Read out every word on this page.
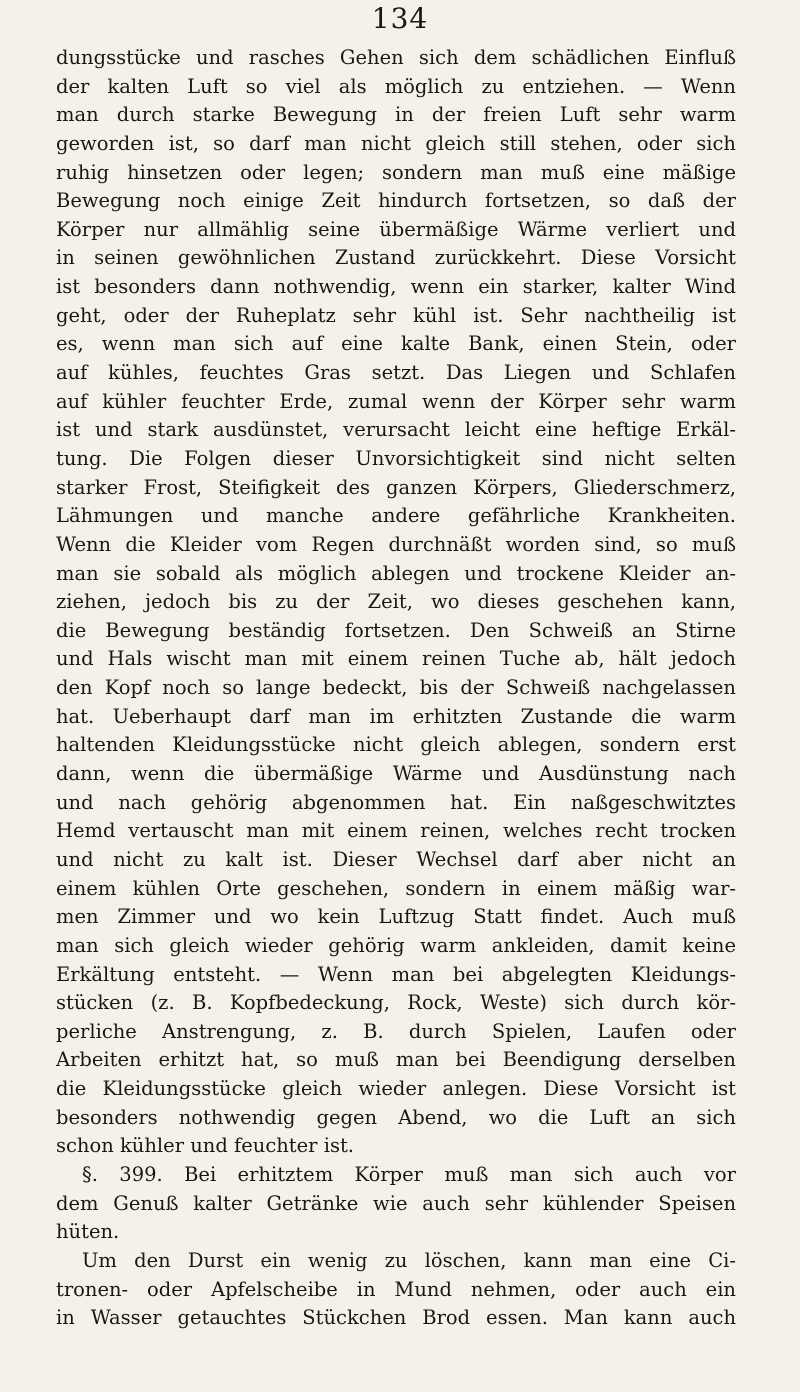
134
dungsstücke und rasches Gehen sich dem schädlichen Einfluß
der kalten Luft so viel als möglich zu entziehen. — Wenn
man durch starke Bewegung in der freien Luft sehr warm
geworden ist, so darf man nicht gleich still stehen, oder sich
ruhig hinsetzen oder legen; sondern man muß eine mäßige
Bewegung noch einige Zeit hindurch fortsetzen, so daß der
Körper nur allmählig seine übermäßige Wärme verliert und
in seinen gewöhnlichen Zustand zurückkehrt. Diese Vorsicht
ist besonders dann nothwendig, wenn ein starker, kalter Wind
geht, oder der Ruheplatz sehr kühl ist. Sehr nachtheilig ist
es, wenn man sich auf eine kalte Bank, einen Stein, oder
auf kühles, feuchtes Gras setzt. Das Liegen und Schlafen
auf kühler feuchter Erde, zumal wenn der Körper sehr warm
ist und stark ausdünstet, verursacht leicht eine heftige Erkäl-
tung. Die Folgen dieser Unvorsichtigkeit sind nicht selten
starker Frost, Steifigkeit des ganzen Körpers, Gliederschmerz,
Lähmungen und manche andere gefährliche Krankheiten.
Wenn die Kleider vom Regen durchnäßt worden sind, so muß
man sie sobald als möglich ablegen und trockene Kleider an-
ziehen, jedoch bis zu der Zeit, wo dieses geschehen kann,
die Bewegung beständig fortsetzen. Den Schweiß an Stirne
und Hals wischt man mit einem reinen Tuche ab, hält jedoch
den Kopf noch so lange bedeckt, bis der Schweiß nachgelassen
hat. Ueberhaupt darf man im erhitzten Zustande die warm
haltenden Kleidungsstücke nicht gleich ablegen, sondern erst
dann, wenn die übermäßige Wärme und Ausdünstung nach
und nach gehörig abgenommen hat. Ein naßgeschwitztes
Hemd vertauscht man mit einem reinen, welches recht trocken
und nicht zu kalt ist. Dieser Wechsel darf aber nicht an
einem kühlen Orte geschehen, sondern in einem mäßig war-
men Zimmer und wo kein Luftzug Statt findet. Auch muß
man sich gleich wieder gehörig warm ankleiden, damit keine
Erkältung entsteht. — Wenn man bei abgelegten Kleidungs-
stücken (z. B. Kopfbedeckung, Rock, Weste) sich durch kör-
perliche Anstrengung, z. B. durch Spielen, Laufen oder
Arbeiten erhitzt hat, so muß man bei Beendigung derselben
die Kleidungsstücke gleich wieder anlegen. Diese Vorsicht ist
besonders nothwendig gegen Abend, wo die Luft an sich
schon kühler und feuchter ist.
§. 399. Bei erhitztem Körper muß man sich auch vor
dem Genuß kalter Getränke wie auch sehr kühlender Speisen
hüten.
Um den Durst ein wenig zu löschen, kann man eine Ci-
tronen- oder Apfelscheibe in Mund nehmen, oder auch ein
in Wasser getauchtes Stückchen Brod essen. Man kann auch
